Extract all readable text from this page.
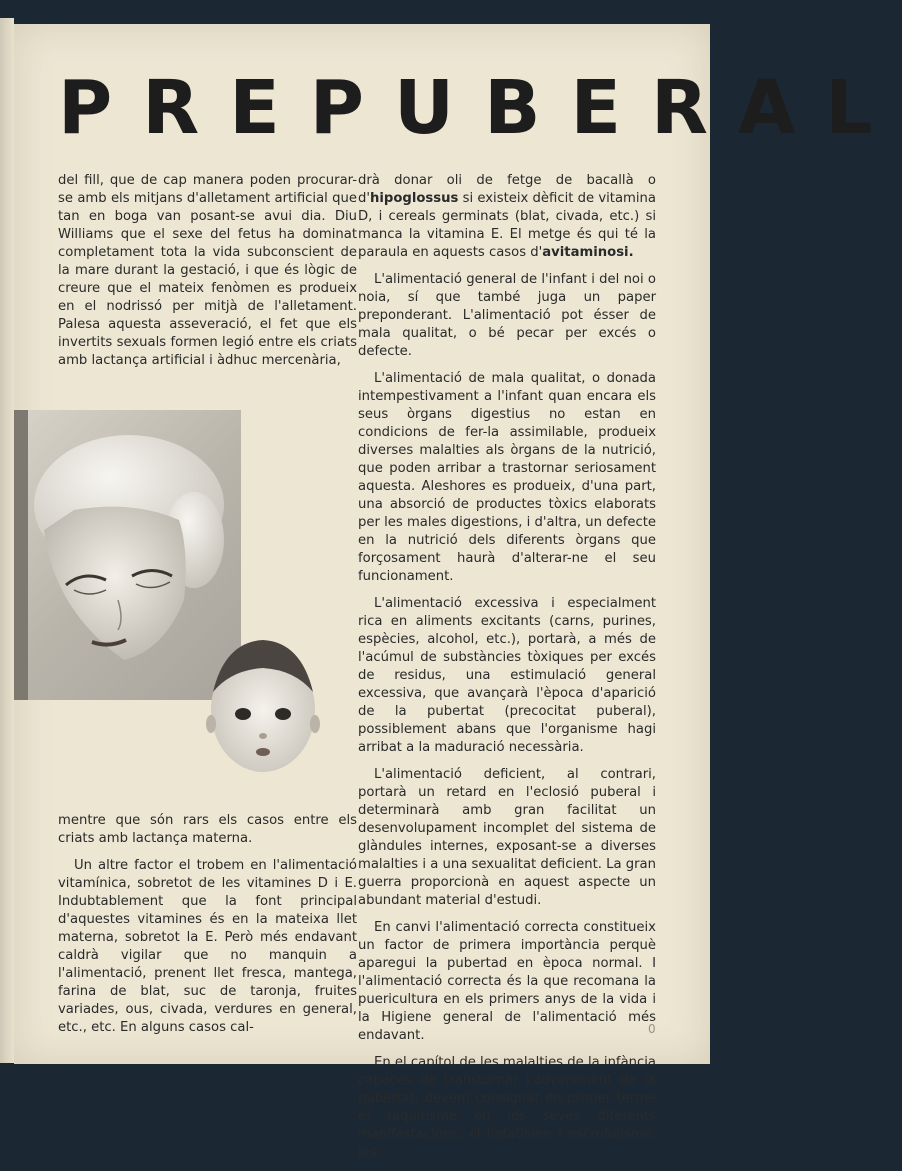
PREPUBERAL

del fill, que de cap manera poden procurar-se amb els mitjans d'alletament artificial que tan en boga van posant-se avui dia. Diu Williams que el sexe del fetus ha dominat completament tota la vida subconscient de la mare durant la gestació, i que és lògic de creure que el mateix fenòmen es produeix en el nodrissó per mitjà de l'alletament. Palesa aquesta asseveració, el fet que els invertits sexuals formen legió entre els criats amb lactança artificial i àdhuc mercenària,

mentre que són rars els casos entre els criats amb lactança materna.

Un altre factor el trobem en l'alimentació vitamínica, sobretot de les vitamines D i E. Indubtablement que la font principal d'aquestes vitamines és en la mateixa llet materna, sobretot la E. Però més endavant caldrà vigilar que no manquin a l'alimentació, prenent llet fresca, mantega, farina de blat, suc de taronja, fruites variades, ous, civada, verdures en general, etc., etc. En alguns casos cal-

drà donar oli de fetge de bacallà o d'hipoglossus si existeix dèficit de vitamina D, i cereals germinats (blat, civada, etc.) si manca la vitamina E. El metge és qui té la paraula en aquests casos d'avitaminosi.

L'alimentació general de l'infant i del noi o noia, sí que també juga un paper preponderant. L'alimentació pot ésser de mala qualitat, o bé pecar per excés o defecte.

L'alimentació de mala qualitat, o donada intempestivament a l'infant quan encara els seus òrgans digestius no estan en condicions de fer-la assimilable, produeix diverses malalties als òrgans de la nutrició, que poden arribar a trastornar seriosament aquesta. Aleshores es produeix, d'una part, una absorció de productes tòxics elaborats per les males digestions, i d'altra, un defecte en la nutrició dels diferents òrgans que forçosament haurà d'alterar-ne el seu funcionament.

L'alimentació excessiva i especialment rica en aliments excitants (carns, purines, espècies, alcohol, etc.), portarà, a més de l'acúmul de substàncies tòxiques per excés de residus, una estimulació general excessiva, que avançarà l'època d'aparició de la pubertat (precocitat puberal), possiblement abans que l'organisme hagi arribat a la maduració necessària.

L'alimentació deficient, al contrari, portarà un retard en l'eclosió puberal i determinarà amb gran facilitat un desenvolupament incomplet del sistema de glàndules internes, exposant-se a diverses malalties i a una sexualitat deficient. La gran guerra proporcionà en aquest aspecte un abundant material d'estudi.

En canvi l'alimentació correcta constitueix un factor de primera importància perquè aparegui la pubertad en època normal. I l'alimentació correcta és la que recomana la puericultura en els primers anys de la vida i la Higiene general de l'alimentació més endavant.

En el capítol de les malalties de la infància capaces de transtornar l'adveniment de la pubertat, devem consignar en primer terme el raquitisme en les seves diferents manifestacions, el linfatisme i escrofulisme, les

0
